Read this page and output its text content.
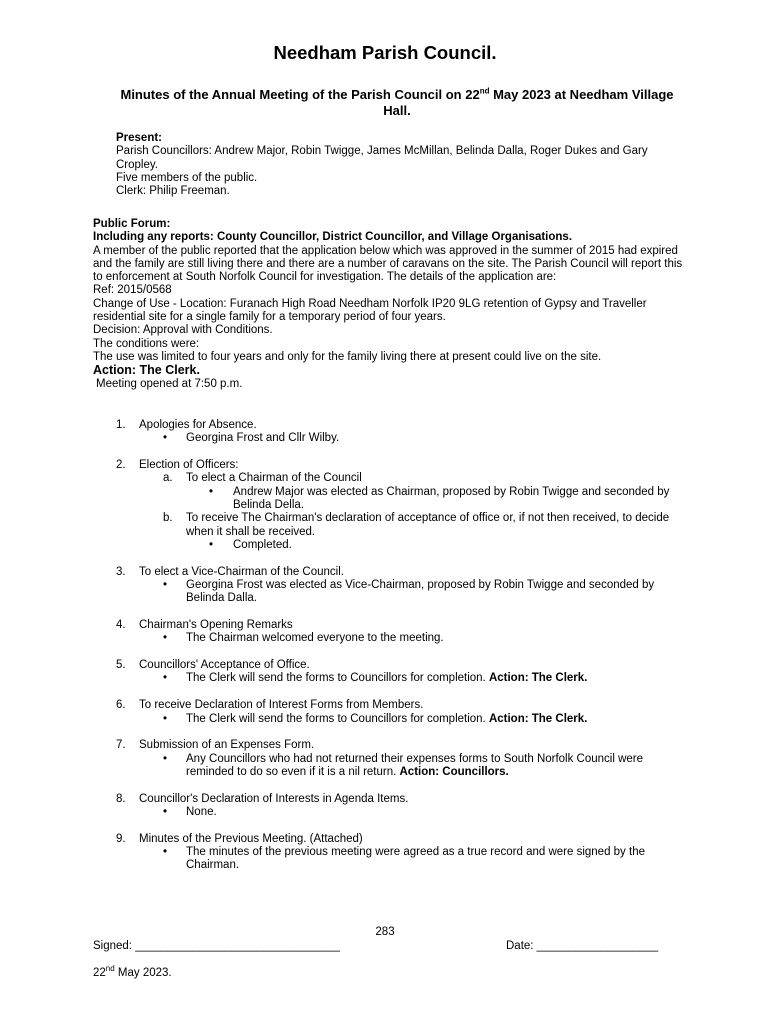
Needham Parish Council.
Minutes of the Annual Meeting of the Parish Council on 22nd May 2023 at Needham Village Hall.
Present:
Parish Councillors: Andrew Major, Robin Twigge, James McMillan, Belinda Dalla, Roger Dukes and Gary Cropley.
Five members of the public.
Clerk: Philip Freeman.
Public Forum:
Including any reports: County Councillor, District Councillor, and Village Organisations.
A member of the public reported that the application below which was approved in the summer of 2015 had expired and the family are still living there and there are a number of caravans on the site. The Parish Council will report this to enforcement at South Norfolk Council for investigation. The details of the application are:
Ref: 2015/0568
Change of Use - Location: Furanach High Road Needham Norfolk IP20 9LG retention of Gypsy and Traveller residential site for a single family for a temporary period of four years.
Decision: Approval with Conditions.
The conditions were:
The use was limited to four years and only for the family living there at present could live on the site.
Action: The Clerk.
Meeting opened at 7:50 p.m.
1. Apologies for Absence.
• Georgina Frost and Cllr Wilby.
2. Election of Officers:
a. To elect a Chairman of the Council
• Andrew Major was elected as Chairman, proposed by Robin Twigge and seconded by Belinda Della.
b. To receive The Chairman's declaration of acceptance of office or, if not then received, to decide when it shall be received.
• Completed.
3. To elect a Vice-Chairman of the Council.
• Georgina Frost was elected as Vice-Chairman, proposed by Robin Twigge and seconded by Belinda Dalla.
4. Chairman's Opening Remarks
• The Chairman welcomed everyone to the meeting.
5. Councillors' Acceptance of Office.
• The Clerk will send the forms to Councillors for completion. Action: The Clerk.
6. To receive Declaration of Interest Forms from Members.
• The Clerk will send the forms to Councillors for completion. Action: The Clerk.
7. Submission of an Expenses Form.
• Any Councillors who had not returned their expenses forms to South Norfolk Council were reminded to do so even if it is a nil return. Action: Councillors.
8. Councillor's Declaration of Interests in Agenda Items.
• None.
9. Minutes of the Previous Meeting. (Attached)
• The minutes of the previous meeting were agreed as a true record and were signed by the Chairman.
283
Signed: ________________________________	Date: ___________________
22nd May 2023.
